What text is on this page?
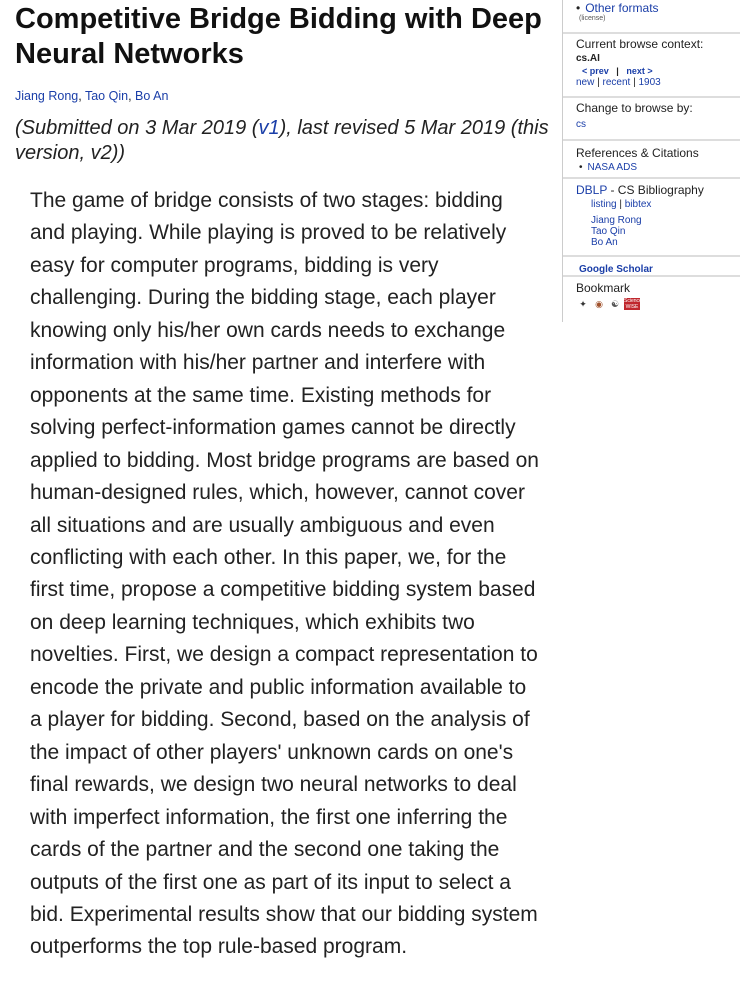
Competitive Bridge Bidding with Deep Neural Networks
Jiang Rong, Tao Qin, Bo An
(Submitted on 3 Mar 2019 (v1), last revised 5 Mar 2019 (this version, v2))
The game of bridge consists of two stages: bidding and playing. While playing is proved to be relatively easy for computer programs, bidding is very challenging. During the bidding stage, each player knowing only his/her own cards needs to exchange information with his/her partner and interfere with opponents at the same time. Existing methods for solving perfect-information games cannot be directly applied to bidding. Most bridge programs are based on human-designed rules, which, however, cannot cover all situations and are usually ambiguous and even conflicting with each other. In this paper, we, for the first time, propose a competitive bidding system based on deep learning techniques, which exhibits two novelties. First, we design a compact representation to encode the private and public information available to a player for bidding. Second, based on the analysis of the impact of other players' unknown cards on one's final rewards, we design two neural networks to deal with imperfect information, the first one inferring the cards of the partner and the second one taking the outputs of the first one as part of its input to select a bid. Experimental results show that our bidding system outperforms the top rule-based program.
• Other formats
(license)
Current browse context:
cs.AI
< prev | next >
new | recent | 1903
Change to browse by:
cs
References & Citations
• NASA ADS
DBLP - CS Bibliography
listing | bibtex
Jiang Rong
Tao Qin
Bo An
Google Scholar
Bookmark
✦ ◉ ☯ Science WISE
